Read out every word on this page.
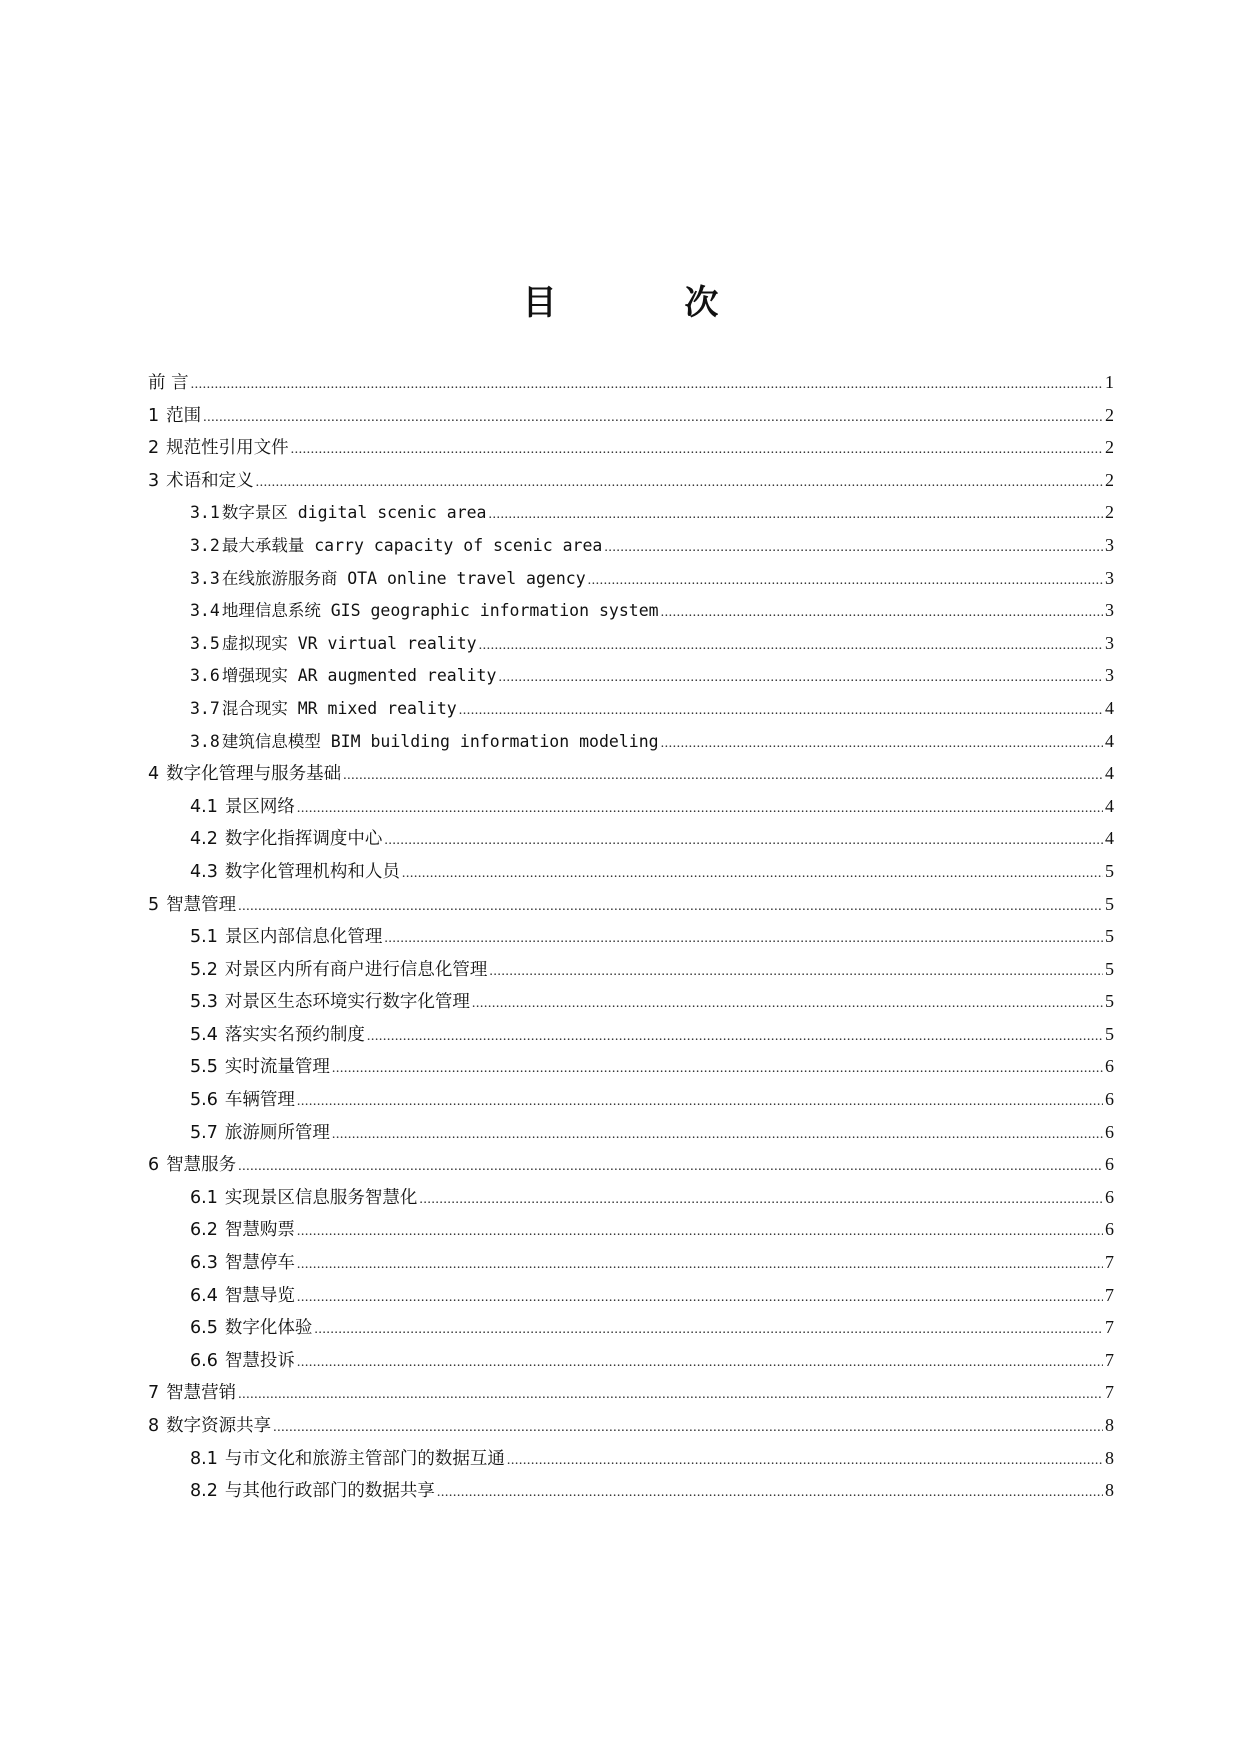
目 次
前 言 .....	1
1 范围 .....	2
2 规范性引用文件 .....	2
3 术语和定义 .....	2
3.1 数字景区 digital scenic area .....	2
3.2 最大承载量 carry capacity of scenic area .....	3
3.3 在线旅游服务商 OTA online travel agency .....	3
3.4 地理信息系统 GIS geographic information system .....	3
3.5 虚拟现实 VR virtual reality .....	3
3.6 增强现实 AR augmented reality .....	3
3.7 混合现实 MR mixed reality .....	4
3.8 建筑信息模型 BIM building information modeling .....	4
4 数字化管理与服务基础 .....	4
4.1 景区网络 .....	4
4.2 数字化指挥调度中心 .....	4
4.3 数字化管理机构和人员 .....	5
5 智慧管理 .....	5
5.1 景区内部信息化管理 .....	5
5.2 对景区内所有商户进行信息化管理 .....	5
5.3 对景区生态环境实行数字化管理 .....	5
5.4 落实实名预约制度 .....	5
5.5 实时流量管理 .....	6
5.6 车辆管理 .....	6
5.7 旅游厕所管理 .....	6
6 智慧服务 .....	6
6.1 实现景区信息服务智慧化 .....	6
6.2 智慧购票 .....	6
6.3 智慧停车 .....	7
6.4 智慧导览 .....	7
6.5 数字化体验 .....	7
6.6 智慧投诉 .....	7
7 智慧营销 .....	7
8 数字资源共享 .....	8
8.1 与市文化和旅游主管部门的数据互通 .....	8
8.2 与其他行政部门的数据共享 .....	8
